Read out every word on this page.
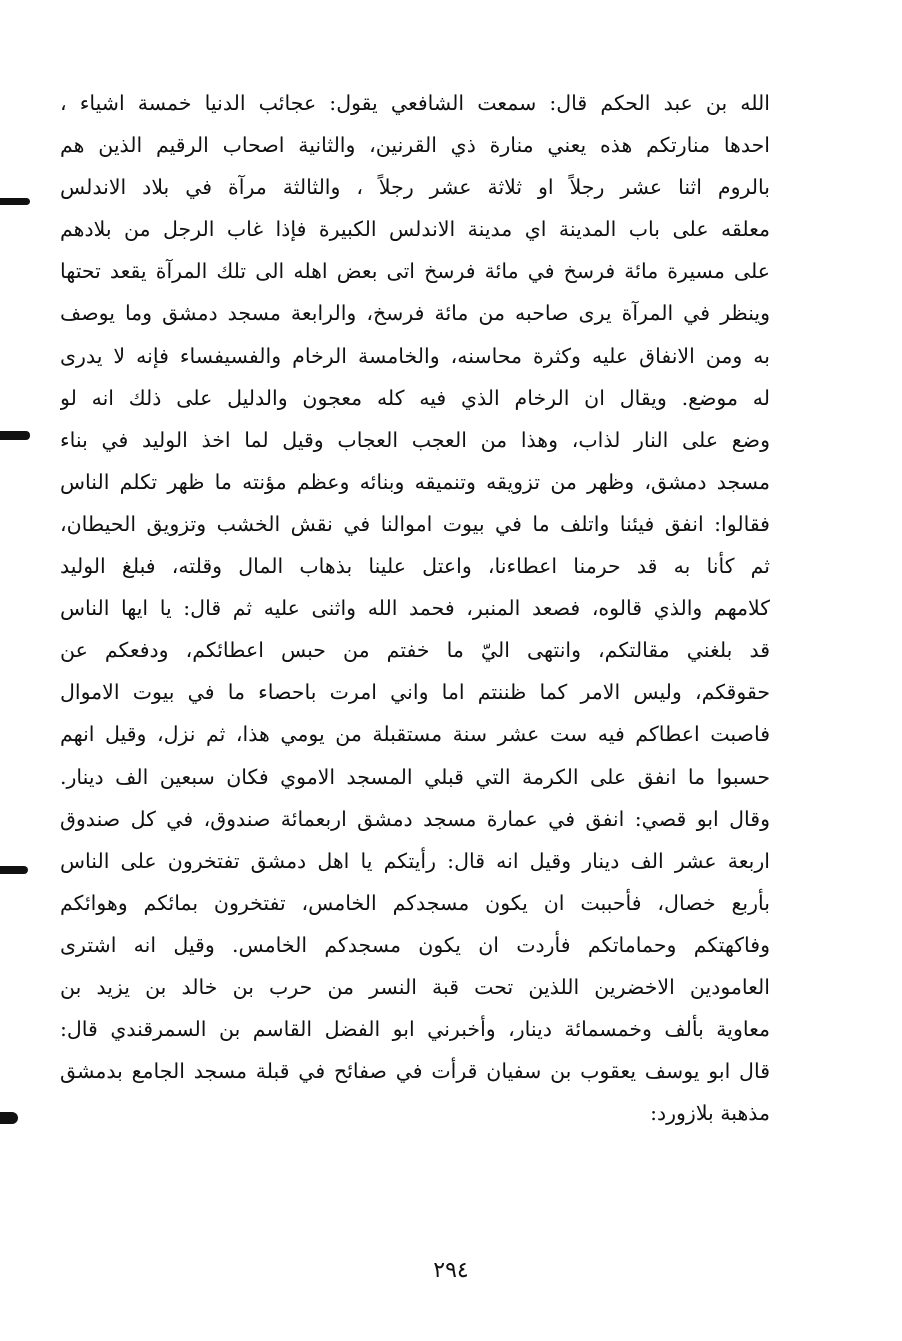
الله بن عبد الحكم قال: سمعت الشافعي يقول: عجائب الدنيا خمسة اشياء ،
احدها منارتكم هذه يعني منارة ذي القرنين، والثانية اصحاب الرقيم الذين هم
بالروم اثنا عشر رجلاً او ثلاثة عشر رجلاً ، والثالثة مرآة في بلاد الاندلس
معلقه على باب المدينة اي مدينة الاندلس الكبيرة فإذا غاب الرجل من بلادهم
على مسيرة مائة فرسخ في مائة فرسخ اتى بعض اهله الى تلك المرآة يقعد تحتها
وينظر في المرآة يرى صاحبه من مائة فرسخ، والرابعة مسجد دمشق وما يوصف
به ومن الانفاق عليه وكثرة محاسنه، والخامسة الرخام والفسيفساء فإنه لا يدرى
له موضع. ويقال ان الرخام الذي فيه كله معجون والدليل على ذلك انه لو
وضع على النار لذاب، وهذا من العجب العجاب وقيل لما اخذ الوليد في بناء
مسجد دمشق، وظهر من تزويقه وتنميقه وبنائه وعظم مؤنته ما ظهر تكلم الناس
فقالوا: انفق فيئنا واتلف ما في بيوت اموالنا في نقش الخشب وتزويق الحيطان،
ثم كأنا به قد حرمنا اعطاءنا، واعتل علينا بذهاب المال وقلته، فبلغ الوليد
كلامهم والذي قالوه، فصعد المنبر، فحمد الله واثنى عليه ثم قال: يا ايها الناس
قد بلغني مقالتكم، وانتهى اليّ ما خفتم من حبس اعطائكم، ودفعكم عن
حقوقكم، وليس الامر كما ظننتم اما واني امرت باحصاء ما في بيوت الاموال
فاصبت اعطاكم فيه ست عشر سنة مستقبلة من يومي هذا، ثم نزل، وقيل انهم
حسبوا ما انفق على الكرمة التي قبلي المسجد الاموي فكان سبعين الف دينار.
وقال ابو قصي: انفق في عمارة مسجد دمشق اربعمائة صندوق، في كل صندوق
اربعة عشر الف دينار وقيل انه قال: رأيتكم يا اهل دمشق تفتخرون على الناس
بأربع خصال، فأحببت ان يكون مسجدكم الخامس، تفتخرون بمائكم وهوائكم
وفاكهتكم وحماماتكم فأردت ان يكون مسجدكم الخامس. وقيل انه اشترى
العامودين الاخضرين اللذين تحت قبة النسر من حرب بن خالد بن يزيد بن
معاوية بألف وخمسمائة دينار، وأخبرني ابو الفضل القاسم بن السمرقندي قال:
قال ابو يوسف يعقوب بن سفيان قرأت في صفائح في قبلة مسجد الجامع بدمشق
مذهبة بلازورد:
٢٩٤
